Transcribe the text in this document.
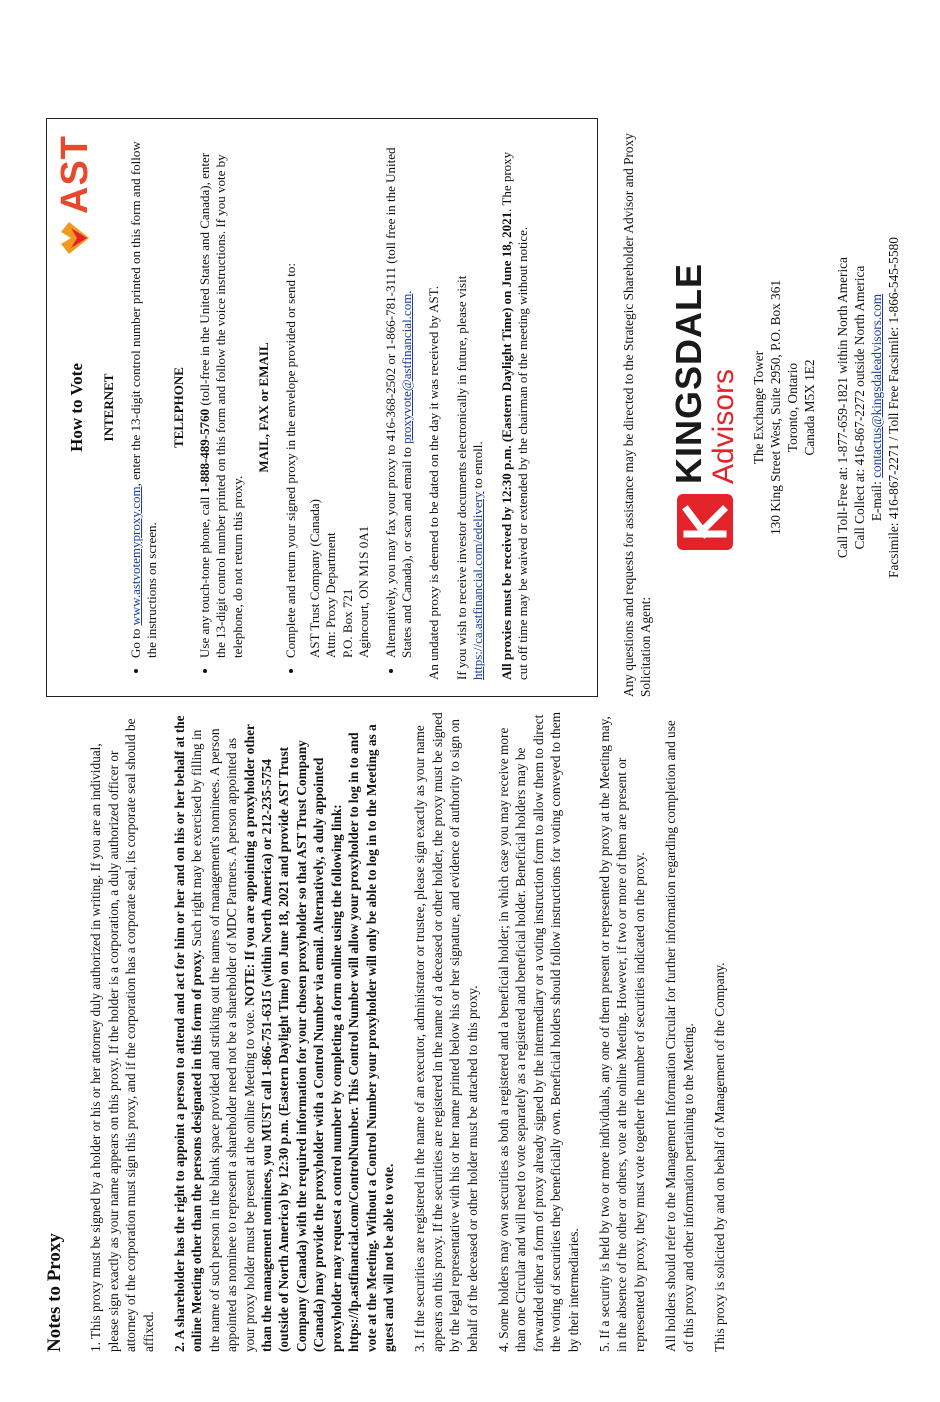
Notes to Proxy 1. This proxy must be signed by a holder or his or her attorney duly authorized in writing. If you are an individual, please sign exactly as your name appears on this proxy. If the holder is a corporation, a duly authorized officer or attorney of the corporation must sign this proxy, and if the corporation has a corporate seal, its corporate seal should be affixed. 2. A shareholder has the right to appoint a person to attend and act for him or her and on his or her behalf at the online Meeting other than the persons designated in this form of proxy. Such right may be exercised by filling in the name of such person in the blank space provided and striking out the names of management's nominees. A person appointed as nominee to represent a shareholder need not be a shareholder of MDC Partners. A person appointed as your proxy holder must be present at the online Meeting to vote. NOTE: If you are appointing a proxyholder other than the management nominees, you MUST call 1-866-751-6315 (within North America) or 212-235-5754 (outside of North America) by 12:30 p.m. (Eastern Daylight Time) on June 18, 2021 and provide AST Trust Company (Canada) with the required information for your chosen proxyholder so that AST Trust Company (Canada) may provide the proxyholder with a Control Number via email. Alternatively, a duly appointed proxyholder may request a control number by completing a form online using the following link: https://lp.astfinancial.com/ControlNumber. This Control Number will allow your proxyholder to log in to and vote at the Meeting. Without a Control Number your proxyholder will only be able to log in to the Meeting as a guest and will not be able to vote. 3. If the securities are registered in the name of an executor, administrator or trustee, please sign exactly as your name appears on this proxy. If the securities are registered in the name of a deceased or other holder, the proxy must be signed by the legal representative with his or her name printed below his or her signature, and evidence of authority to sign on behalf of the deceased or other holder must be attached to this proxy. 4. Some holders may own securities as both a registered and a beneficial holder; in which case you may receive more than one Circular and will need to vote separately as a registered and beneficial holder. Beneficial holders may be forwarded either a form of proxy already signed by the intermediary or a voting instruction form to allow them to direct the voting of securities they beneficially own. Beneficial holders should follow instructions for voting conveyed to them by their intermediaries. 5. If a security is held by two or more individuals, any one of them present or represented by proxy at the Meeting may, in the absence of the other or others, vote at the online Meeting. However, if two or more of them are present or represented by proxy, they must vote together the number of securities indicated on the proxy. All holders should refer to the Management Information Circular for further information regarding completion and use of this proxy and other information pertaining to the Meeting. This proxy is solicited by and on behalf of Management of the Company.

AST
How to Vote INTERNET
• Go to www.astvotemyproxy.com, enter the 13-digit control number printed on this form and follow the instructions on screen.
TELEPHONE
• Use any touch-tone phone, call 1-888-489-5760 (toll-free in the United States and Canada), enter the 13-digit control number printed on this form and follow the voice instructions. If you vote by telephone, do not return this proxy.
MAIL, FAX or EMAIL • Complete and return your signed proxy in the envelope provided or send to: AST Trust Company (Canada) Attn: Proxy Department P.O. Box 721 Agincourt, ON M1S 0A1 • Alternatively, you may fax your proxy to 416-368-2502 or 1-866-781-3111 (toll free in the United States and Canada), or scan and email to proxyvote@astfinancial.com. An undated proxy is deemed to be dated on the day it was received by AST. If you wish to receive investor documents electronically in future, please visit https://ca.astfinancial.com/edelivery to enroll. All proxies must be received by 12:30 p.m. (Eastern Daylight Time) on June 18, 2021. The proxy cut off time may be waived or extended by the chairman of the meeting without notice.	Any questions and requests for assistance may be directed to the Strategic Shareholder Advisor and Proxy Solicitation Agent:
KINGSDALE
Advisors The Exchange Tower 130 King Street West, Suite 2950, P.O. Box 361 Toronto, Ontario Canada M5X 1E2 Call Toll-Free at: 1-877-659-1821 within North America Call Collect at: 416-867-2272 outside North America E-mail: contactus@kingsdaleadvisors.com Facsimile: 416-867-2271 / Toll Free Facsimile: 1-866-545-5580
